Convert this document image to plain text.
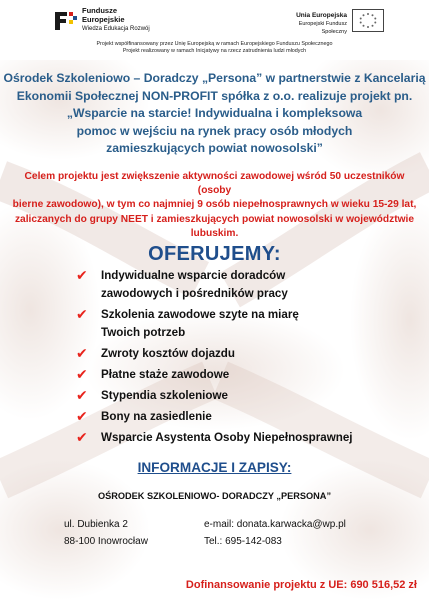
Fundusze
Europejskie
Wiedza Edukacja Rozwój
Unia Europejska
Europejski Fundusz Społeczny
Projekt współfinansowany przez Unię Europejską w ramach Europejskiego Funduszu Społecznego
Projekt realizowany w ramach Inicjatywy na rzecz zatrudnienia ludzi młodych
Ośrodek Szkoleniowo – Doradczy „Persona” w partnerstwie z Kancelarią
Ekonomii Społecznej NON-PROFIT spółka z o.o. realizuje projekt pn.
„Wsparcie na starcie! Indywidualna i kompleksowa
pomoc w wejściu na rynek pracy osób młodych
zamieszkujących powiat nowosolski”
Celem projektu jest zwiększenie aktywności zawodowej wśród 50 uczestników (osoby
bierne zawodowo), w tym co najmniej 9 osób niepełnosprawnych w wieku 15-29 lat,
zaliczanych do grupy NEET i zamieszkujących powiat nowosolski w województwie
lubuskim.
OFERUJEMY:
✔ Indywidualne wsparcie doradców
zawodowych i pośredników pracy
✔ Szkolenia zawodowe szyte na miarę
Twoich potrzeb
✔ Zwroty kosztów dojazdu
✔ Płatne staże zawodowe
✔ Stypendia szkoleniowe
✔ Bony na zasiedlenie
✔ Wsparcie Asystenta Osoby Niepełnosprawnej
INFORMACJE I ZAPISY:
OŚRODEK SZKOLENIOWO- DORADCZY „PERSONA”
ul. Dubienka 2
88-100 Inowrocław
e-mail: donata.karwacka@wp.pl
Tel.: 695-142-083
Dofinansowanie projektu z UE: 690 516,52 zł
